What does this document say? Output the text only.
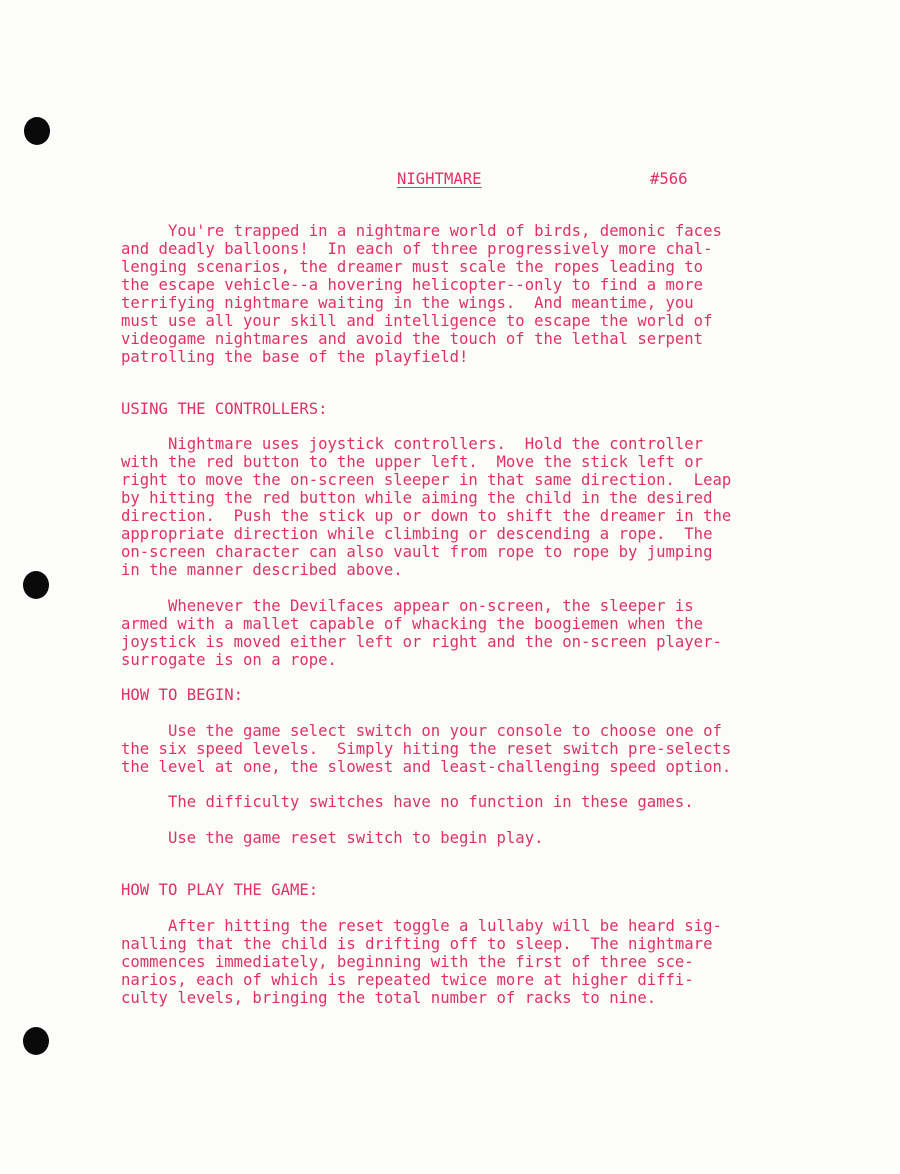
NIGHTMARE	#566

You're trapped in a nightmare world of birds, demonic faces
and deadly balloons!  In each of three progressively more chal-
lenging scenarios, the dreamer must scale the ropes leading to
the escape vehicle--a hovering helicopter--only to find a more
terrifying nightmare waiting in the wings.  And meantime, you
must use all your skill and intelligence to escape the world of
videogame nightmares and avoid the touch of the lethal serpent
patrolling the base of the playfield!

USING THE CONTROLLERS:

Nightmare uses joystick controllers.  Hold the controller
with the red button to the upper left.  Move the stick left or
right to move the on-screen sleeper in that same direction.  Leap
by hitting the red button while aiming the child in the desired
direction.  Push the stick up or down to shift the dreamer in the
appropriate direction while climbing or descending a rope.  The
on-screen character can also vault from rope to rope by jumping
in the manner described above.

Whenever the Devilfaces appear on-screen, the sleeper is
armed with a mallet capable of whacking the boogiemen when the
joystick is moved either left or right and the on-screen player-
surrogate is on a rope.

HOW TO BEGIN:

Use the game select switch on your console to choose one of
the six speed levels.  Simply hiting the reset switch pre-selects
the level at one, the slowest and least-challenging speed option.

The difficulty switches have no function in these games.

Use the game reset switch to begin play.

HOW TO PLAY THE GAME:

After hitting the reset toggle a lullaby will be heard sig-
nalling that the child is drifting off to sleep.  The nightmare
commences immediately, beginning with the first of three sce-
narios, each of which is repeated twice more at higher diffi-
culty levels, bringing the total number of racks to nine.
